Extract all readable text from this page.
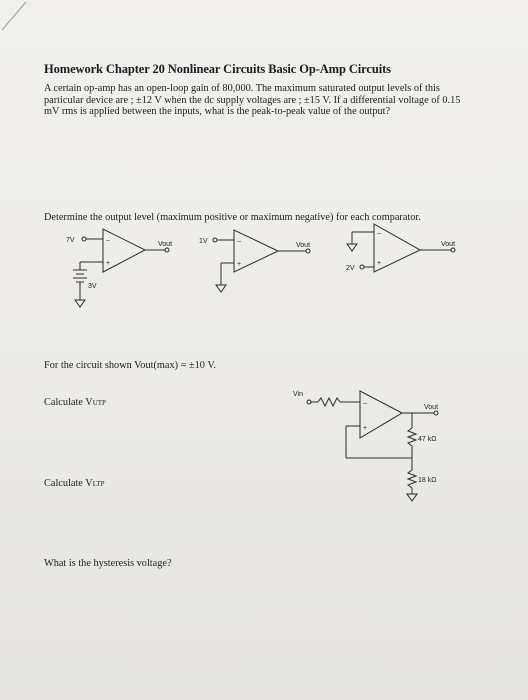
Homework Chapter 20 Nonlinear Circuits Basic Op-Amp Circuits
A certain op-amp has an open-loop gain of 80,000. The maximum saturated output levels of this particular device are ; ±12 V when the dc supply voltages are ; ±15 V. If a differential voltage of 0.15 mV rms is applied between the inputs, what is the peak-to-peak value of the output?
Determine the output level (maximum positive or maximum negative) for each comparator.
For the circuit shown Vout(max) = ±10 V.
Calculate VUTP
Calculate VLTP
What is the hysteresis voltage?
7V	−
+
Vout
3V
1V	−
+
Vout
−
+
2V
Vout
Vin
−
+
Vout
47 kΩ
18 kΩ
